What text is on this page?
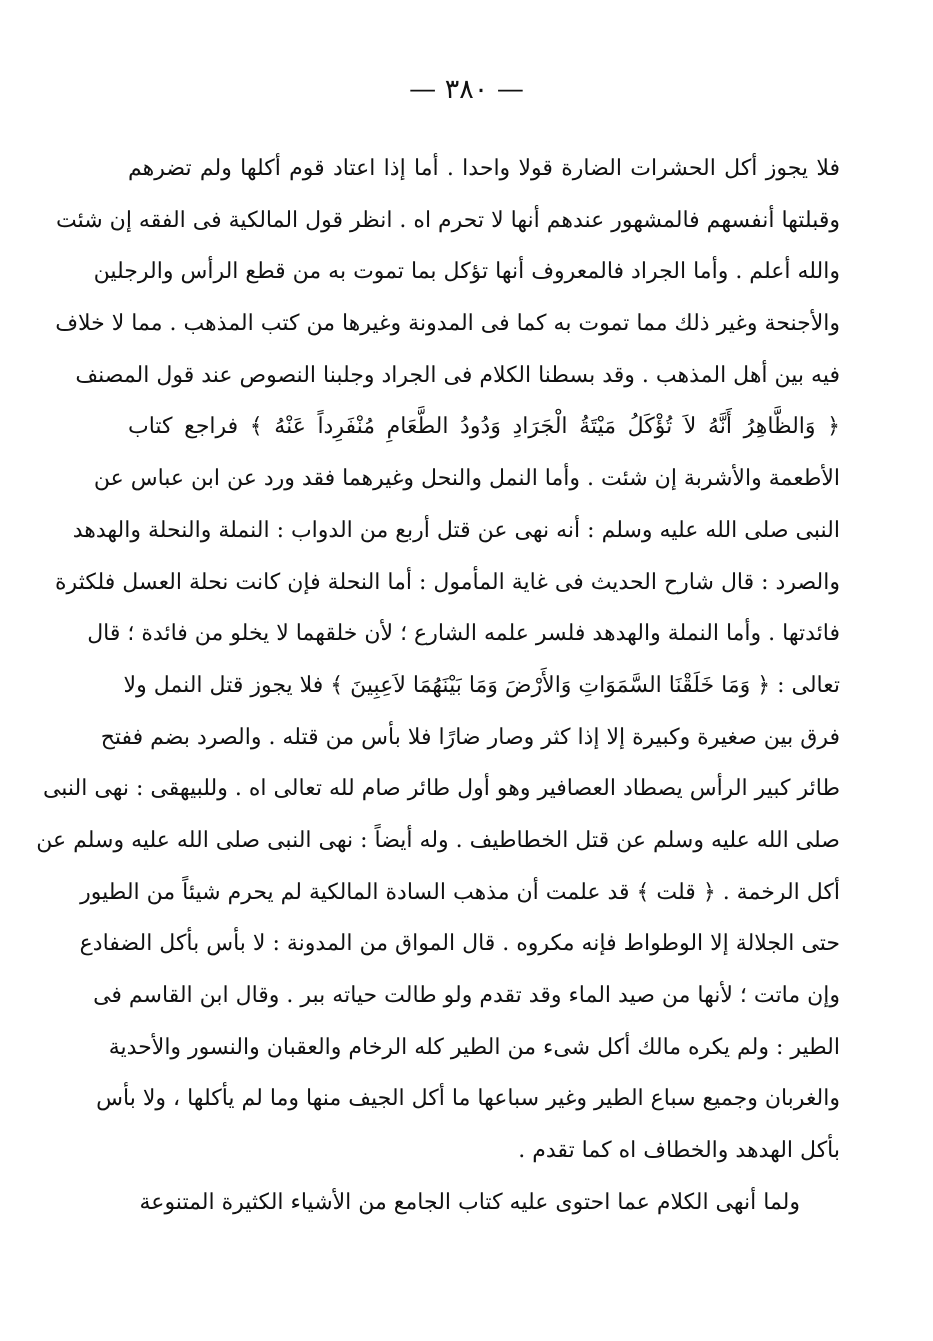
— ٣٨٠ —
فلا يجوز أكل الحشرات الضارة قولا واحدا . أما إذا اعتاد قوم أكلها ولم تضرهم
وقبلتها أنفسهم فالمشهور عندهم أنها لا تحرم اه . انظر قول المالكية فى الفقه إن شئت
والله أعلم . وأما الجراد فالمعروف أنها تؤكل بما تموت به من قطع الرأس والرجلين
والأجنحة وغير ذلك مما تموت به كما فى المدونة وغيرها من كتب المذهب . مما لا خلاف
فيه بين أهل المذهب . وقد بسطنا الكلام فى الجراد وجلبنا النصوص عند قول المصنف
﴿ وَالظَّاهِرُ أَنَّهُ لاَ تُؤْكَلُ مَيْتَةُ الْجَرَادِ وَدُودُ الطَّعَامِ مُنْفَرِداً عَنْهُ ﴾ فراجع كتاب
الأطعمة والأشربة إن شئت . وأما النمل والنحل وغيرهما فقد ورد عن ابن عباس عن
النبى صلى الله عليه وسلم : أنه نهى عن قتل أربع من الدواب : النملة والنحلة والهدهد
والصرد : قال شارح الحديث فى غاية المأمول : أما النحلة فإن كانت نحلة العسل فلكثرة
فائدتها . وأما النملة والهدهد فلسر علمه الشارع ؛ لأن خلقهما لا يخلو من فائدة ؛ قال
تعالى : ﴿ وَمَا خَلَقْنَا السَّمَوَاتِ وَالأَرْضَ وَمَا بَيْنَهُمَا لاَعِبِينَ ﴾ فلا يجوز قتل النمل ولا
فرق بين صغيرة وكبيرة إلا إذا كثر وصار ضارًا فلا بأس من قتله . والصرد بضم ففتح
طائر كبير الرأس يصطاد العصافير وهو أول طائر صام لله تعالى اه . وللبيهقى : نهى النبى
صلى الله عليه وسلم عن قتل الخطاطيف . وله أيضاً : نهى النبى صلى الله عليه وسلم عن
أكل الرخمة . ﴿ قلت ﴾ قد علمت أن مذهب السادة المالكية لم يحرم شيئاً من الطيور
حتى الجلالة إلا الوطواط فإنه مكروه . قال المواق من المدونة : لا بأس بأكل الضفادع
وإن ماتت ؛ لأنها من صيد الماء وقد تقدم ولو طالت حياته ببر . وقال ابن القاسم فى
الطير : ولم يكره مالك أكل شىء من الطير كله الرخام والعقبان والنسور والأحدية
والغربان وجميع سباع الطير وغير سباعها ما أكل الجيف منها وما لم يأكلها ، ولا بأس
بأكل الهدهد والخطاف اه كما تقدم .
ولما أنهى الكلام عما احتوى عليه كتاب الجامع من الأشياء الكثيرة المتنوعة
